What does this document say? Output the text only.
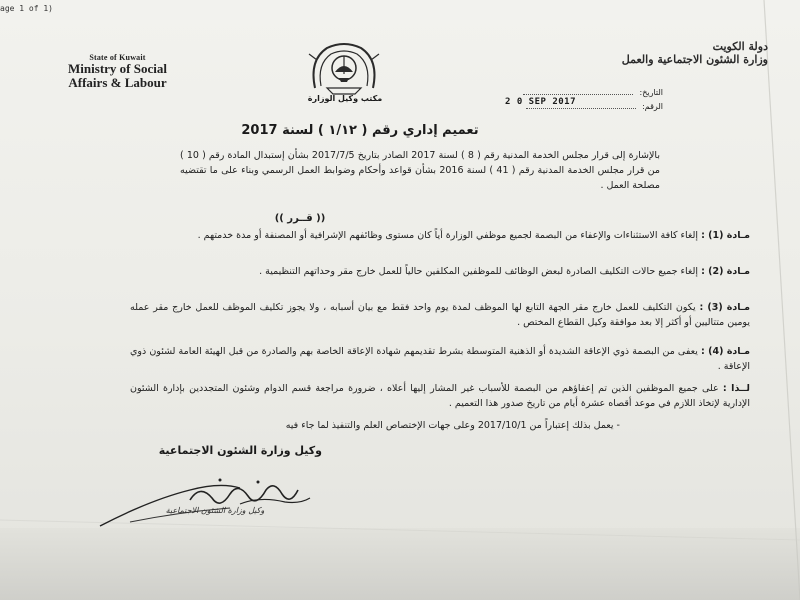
age 1 of 1)
State of Kuwait
Ministry of Social
Affairs & Labour
مكتب وكيل الوزارة
دولة الكويت
وزارة الشئون الاجتماعية والعمل
التاريخ:
الرقم:
2 0 SEP 2017
تعميم إداري رقم ( ١/١٢ ) لسنة 2017
بالإشارة إلى قرار مجلس الخدمة المدنية رقم ( 8 ) لسنة 2017 الصادر بتاريخ 2017/7/5 بشأن إستبدال المادة رقم ( 10 ) من قرار مجلس الخدمة المدنية رقم ( 41 ) لسنة 2016 بشأن قواعد وأحكام وضوابط العمل الرسمي وبناء على ما تقتضيه مصلحة العمل .
(( قــرر ))
مـادة (1) : إلغاء كافة الاستثناءات والإعفاء من البصمة لجميع موظفي الوزارة أياً كان مستوى وظائفهم الإشرافية أو المصنفة أو مدة خدمتهم .
مـادة (2) : إلغاء جميع حالات التكليف الصادرة لبعض الوظائف للموظفين المكلفين حالياً للعمل خارج مقر وحداتهم التنظيمية .
مـادة (3) : يكون التكليف للعمل خارج مقر الجهة التابع لها الموظف لمدة يوم واحد فقط مع بيان أسبابه ، ولا يجوز تكليف الموظف للعمل خارج مقر عمله يومين متتاليين أو أكثر إلا بعد موافقة وكيل القطاع المختص .
مـادة (4) : يعفى من البصمة ذوي الإعاقة الشديدة أو الذهنية المتوسطة بشرط تقديمهم شهادة الإعاقة الخاصة بهم والصادرة من قبل الهيئة العامة لشئون ذوي الإعاقة .
لــذا : على جميع الموظفين الذين تم إعفاؤهم من البصمة للأسباب غير المشار إليها أعلاه ، ضرورة مراجعة قسم الدوام وشئون المتجددين بإدارة الشئون الإدارية لإتخاذ اللازم في موعد أقصاه عشرة أيام من تاريخ صدور هذا التعميم .
- يعمل بذلك إعتباراً من 2017/10/1 وعلى جهات الإختصاص العلم والتنفيذ لما جاء فيه
وكيل وزارة الشئون الاجتماعية
وكيل وزارة الشئون الاجتماعية
